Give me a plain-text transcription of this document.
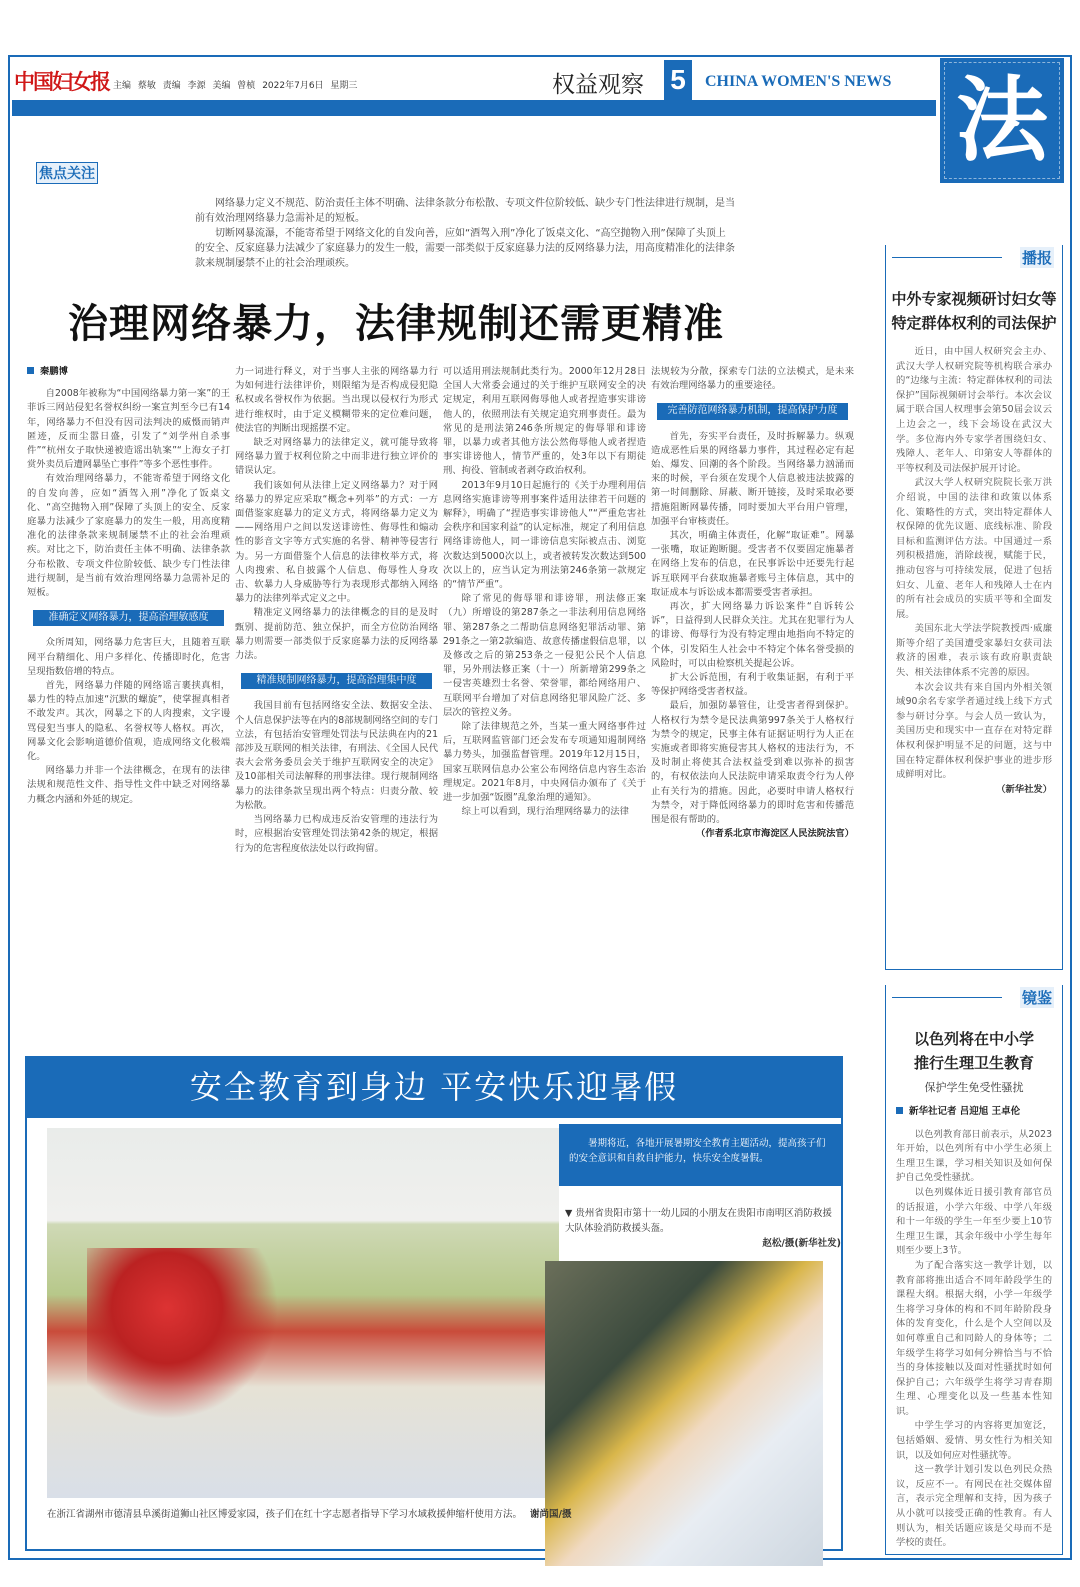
中国妇女报 主编 蔡敏 责编 李源 美编 曾桢 2022年7月6日 星期三	权益观察 5	CHINA WOMEN'S NEWS 法
焦点关注

网络暴力定义不规范、防治责任主体不明确、法律条款分布松散、专项文件位阶较低、缺少专门性法律进行规制，是当前有效治理网络暴力急需补足的短板。

切断网暴流瀑，不能寄希望于网络文化的自发向善，应如“酒驾入刑”净化了饭桌文化、“高空抛物入刑”保障了头顶上的安全、反家庭暴力法减少了家庭暴力的发生一般，需要一部类似于反家庭暴力法的反网络暴力法，用高度精准化的法律条款来规制屡禁不止的社会治理顽疾。

治理网络暴力，法律规制还需更精准
秦鹏博

自2008年被称为“中国网络暴力第一案”的王菲诉三网站侵犯名誉权纠纷一案宣判至今已有14年，网络暴力不但没有因司法判决的威慑而销声匿迹，反而尘嚣日盛，引发了“刘学州自杀事件”“杭州女子取快递被造谣出轨案”“上海女子打赏外卖员后遭网暴坠亡事件”等多个恶性事件。

有效治理网络暴力，不能寄希望于网络文化的自发向善，应如“酒驾入刑”净化了饭桌文化、“高空抛物入刑”保障了头顶上的安全、反家庭暴力法减少了家庭暴力的发生一般，用高度精准化的法律条款来规制屡禁不止的社会治理顽疾。对比之下，防治责任主体不明确、法律条款分布松散、专项文件位阶较低、缺少专门性法律进行规制，是当前有效治理网络暴力急需补足的短板。

准确定义网络暴力，提高治理敏感度

众所周知，网络暴力危害巨大，且随着互联网平台精细化、用户多样化、传播即时化，危害呈现指数倍增的特点。

首先，网络暴力伴随的网络谣言裹挟真相，暴力性的特点加速“沉默的螺旋”，使掌握真相者不敢发声。其次，网暴之下的人肉搜索，文字谩骂侵犯当事人的隐私、名誉权等人格权。再次，网暴文化会影响道德价值观，造成网络文化极端化。

网络暴力并非一个法律概念，在现有的法律法规和规范性文件、指导性文件中缺乏对网络暴力概念内涵和外延的规定。

力一词进行释义，对于当事人主张的网络暴力行为如何进行法律评价，则限缩为是否构成侵犯隐私权或名誉权作为依据。当出现以侵权行为形式进行维权时，由于定义模糊带来的定位难问题，使法官的判断出现摇摆不定。

缺乏对网络暴力的法律定义，就可能导致将网络暴力置于权利位阶之中而非进行独立评价的错误认定。

我们该如何从法律上定义网络暴力？对于网络暴力的界定应采取“概念+列举”的方式：一方面借鉴家庭暴力的定义方式，将网络暴力定义为——网络用户之间以发送诽谤性、侮辱性和煽动性的影音文字等方式实施的名誉、精神等侵害行为。另一方面借鉴个人信息的法律枚举方式，将人肉搜索、私自披露个人信息、侮辱性人身攻击、软暴力人身威胁等行为表现形式都纳入网络暴力的法律列举式定义之中。

精准定义网络暴力的法律概念的目的是及时甄别、提前防范、独立保护，而全方位防治网络暴力则需要一部类似于反家庭暴力法的反网络暴力法。

精准规制网络暴力，提高治理集中度

我国目前有包括网络安全法、数据安全法、个人信息保护法等在内的8部规制网络空间的专门立法，有包括治安管理处罚法与民法典在内的21部涉及互联网的相关法律，有刑法、《全国人民代表大会常务委员会关于维护互联网安全的决定》及10部相关司法解释的刑事法律。现行规制网络暴力的法律条款呈现出两个特点：归责分散、较为松散。

当网络暴力已构成违反治安管理的违法行为时，应根据治安管理处罚法第42条的规定，根据行为的危害程度依法处以行政拘留。

可以适用刑法规制此类行为。2000年12月28日全国人大常委会通过的关于维护互联网安全的决定规定，利用互联网侮辱他人或者捏造事实诽谤他人的，依照刑法有关规定追究刑事责任。最为常见的是刑法第246条所规定的侮辱罪和诽谤罪，以暴力或者其他方法公然侮辱他人或者捏造事实诽谤他人，情节严重的，处3年以下有期徒刑、拘役、管制或者剥夺政治权利。

2013年9月10日起施行的《关于办理利用信息网络实施诽谤等刑事案件适用法律若干问题的解释》，明确了“捏造事实诽谤他人”“严重危害社会秩序和国家利益”的认定标准，规定了利用信息网络诽谤他人，同一诽谤信息实际被点击、浏览次数达到5000次以上，或者被转发次数达到500次以上的，应当认定为刑法第246条第一款规定的“情节严重”。

除了常见的侮辱罪和诽谤罪，刑法修正案（九）所增设的第287条之一非法利用信息网络罪、第287条之二帮助信息网络犯罪活动罪、第291条之一第2款编造、故意传播虚假信息罪，以及修改之后的第253条之一侵犯公民个人信息罪，另外刑法修正案（十一）所新增第299条之一侵害英雄烈士名誉、荣誉罪，都给网络用户、互联网平台增加了对信息网络犯罪风险广泛、多层次的管控义务。

除了法律规范之外，当某一重大网络事件过后，互联网监管部门还会发布专项通知遏制网络暴力势头，加强监督管理。2019年12月15日，国家互联网信息办公室公布网络信息内容生态治理规定。2021年8月，中央网信办颁布了《关于进一步加强“饭圈”乱象治理的通知》。

综上可以看到，现行治理网络暴力的法律

法规较为分散，探索专门法的立法模式，是未来有效治理网络暴力的重要途径。

完善防范网络暴力机制，提高保护力度

首先，夯实平台责任，及时拆解暴力。纵观造成恶性后果的网络暴力事件，其过程必定有起始、爆发、回潮的各个阶段。当网络暴力汹涌而来的时候，平台须在发现个人信息被违法披露的第一时间删除、屏蔽、断开链接，及时采取必要措施阻断网暴传播，同时要加大平台用户管理，加强平台审核责任。

其次，明确主体责任，化解“取证难”。网暴一张嘴，取证跑断腿。受害者不仅要固定施暴者在网络上发布的信息，在民事诉讼中还要先行起诉互联网平台获取施暴者账号主体信息，其中的取证成本与诉讼成本都需要受害者承担。

再次，扩大网络暴力诉讼案件“自诉转公诉”，日益得到人民群众关注。尤其在犯罪行为人的诽谤、侮辱行为没有特定理由地指向不特定的个体，引发陌生人社会中不特定个体名誉受损的风险时，可以由检察机关提起公诉。

扩大公诉范围，有利于收集证据，有利于平等保护网络受害者权益。

最后，加强防暴管住，让受害者得到保护。人格权行为禁令是民法典第997条关于人格权行为禁令的规定，民事主体有证据证明行为人正在实施或者即将实施侵害其人格权的违法行为，不及时制止将使其合法权益受到难以弥补的损害的，有权依法向人民法院申请采取责令行为人停止有关行为的措施。因此，必要时申请人格权行为禁令，对于降低网络暴力的即时危害和传播范围是很有帮助的。

（作者系北京市海淀区人民法院法官）

播报
中外专家视频研讨妇女等
特定群体权利的司法保护

近日，由中国人权研究会主办、武汉大学人权研究院等机构联合承办的“边缘与主流：特定群体权利的司法保护”国际视频研讨会举行。本次会议属于联合国人权理事会第50届会议云上边会之一，线下会场设在武汉大学。多位海内外专家学者围绕妇女、残障人、老年人、印第安人等群体的平等权利及司法保护展开讨论。

武汉大学人权研究院院长张万洪介绍说，中国的法律和政策以体系化、策略性的方式，突出特定群体人权保障的优先议题、底线标准、阶段目标和监测评估方法。中国通过一系列积极措施，消除歧视，赋能于民，推动包容与可持续发展，促进了包括妇女、儿童、老年人和残障人士在内的所有社会成员的实质平等和全面发展。

美国东北大学法学院教授西·威廉斯等介绍了美国遭受家暴妇女获司法救济的困难，表示该有政府职责缺失、相关法律体系不完善的原因。

本次会议共有来自国内外相关领域90余名专家学者通过线上线下方式参与研讨分享。与会人员一致认为，美国历史和现实中一直存在对特定群体权利保护明显不足的问题，这与中国在特定群体权利保护事业的进步形成鲜明对比。

（新华社发）

镜鉴
以色列将在中小学
推行生理卫生教育
保护学生免受性骚扰
新华社记者 吕迎旭 王卓伦

以色列教育部日前表示，从2023年开始，以色列所有中小学生必须上生理卫生课，学习相关知识及如何保护自己免受性骚扰。

以色列媒体近日援引教育部官员的话报道，小学六年级、中学八年级和十一年级的学生一年至少要上10节生理卫生课，其余年级中小学生每年则至少要上3节。

为了配合落实这一教学计划，以教育部将推出适合不同年龄段学生的课程大纲。根据大纲，小学一年级学生将学习身体的构和不同年龄阶段身体的发育变化，什么是个人空间以及如何尊重自己和同龄人的身体等；二年级学生将学习如何分辨恰当与不恰当的身体接触以及面对性骚扰时如何保护自己；六年级学生将学习青春期生理、心理变化以及一些基本性知识。

中学生学习的内容将更加宽泛，包括婚姻、爱情、男女性行为相关知识，以及如何应对性骚扰等。

这一教学计划引发以色列民众热议，反应不一。有网民在社交媒体留言，表示完全理解和支持，因为孩子从小就可以接受正确的性教育。有人则认为，相关话题应该是父母而不是学校的责任。

安全教育到身边 平安快乐迎暑假

暑期将近，各地开展暑期安全教育主题活动，提高孩子们的安全意识和自救自护能力，快乐安全度暑假。

▼ 贵州省贵阳市第十一幼儿园的小朋友在贵阳市南明区消防救援大队体验消防救援头盔。

赵松/摄(新华社发)

在浙江省湖州市德清县阜溪街道狮山社区博爱家园，孩子们在红十字志愿者指导下学习水域救援伸缩杆使用方法。 谢尚国/摄
